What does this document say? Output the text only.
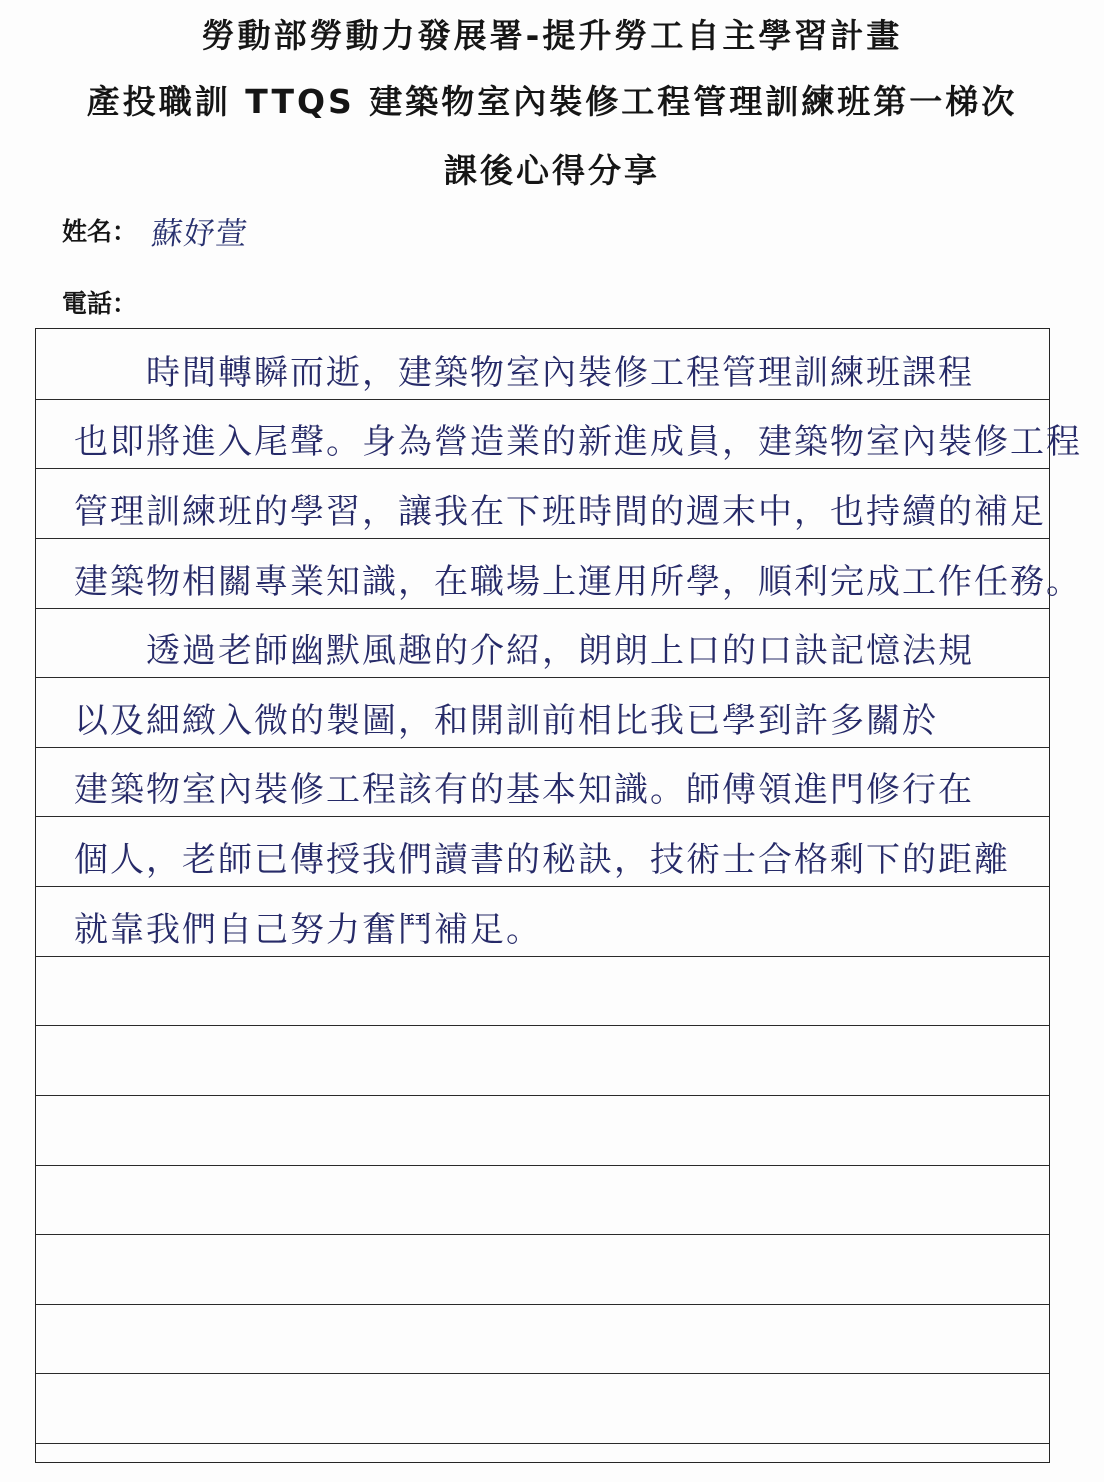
勞動部勞動力發展署-提升勞工自主學習計畫
產投職訓 TTQS 建築物室內裝修工程管理訓練班第一梯次
課後心得分享
姓名： 蘇妤萱
電話：
　　時間轉瞬而逝，建築物室內裝修工程管理訓練班課程
也即將進入尾聲。身為營造業的新進成員，建築物室內裝修工程
管理訓練班的學習，讓我在下班時間的週末中，也持續的補足
建築物相關專業知識，在職場上運用所學，順利完成工作任務。
　　透過老師幽默風趣的介紹，朗朗上口的口訣記憶法規
以及細緻入微的製圖，和開訓前相比我已學到許多關於
建築物室內裝修工程該有的基本知識。師傅領進門修行在
個人，老師已傳授我們讀書的秘訣，技術士合格剩下的距離
就靠我們自己努力奮鬥補足。
